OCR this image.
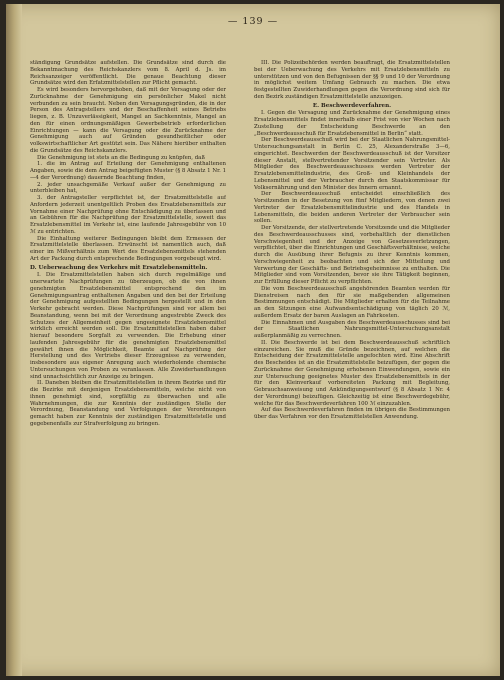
— 139 —

ständigung Grundsätze aufstellen. Die Grundsätze sind durch die Bekanntmachung des Reichskanzlers vom 8. April d. Js. im Reichsanzeiger veröffentlicht. Die genaue Beachtung dieser Grundsätze wird den Erfatzmittelstellen zur Pflicht gemacht.

Es wird besonders hervorgehoben, daß mit der Versagung oder der Zurücknahme der Genehmigung ein persönlicher Makel nicht verbunden zu sein braucht. Neben den Versagungsgründen, die in der Person des Antragstellers und der Beschaffenheit seines Betriebs liegen, z. B. Unzuverlässigkeit, Mangel an Sachkenntnis, Mangel an den für einen ordnungsmäßigen Gewerbebetrieb erforderlichen Einrichtungen — kann die Versagung oder die Zurücknahme der Genehmigung auch auf Gründen gesundheitlicher oder volkswirtschaftlicher Art gestützt sein. Das Nähere hierüber enthalten die Grundsätze des Reichskanzlers.

Die Genehmigung ist stets an die Bedingung zu knüpfen, daß

1. die im Antrag auf Erteilung der Genehmigung enthaltenen Angaben, sowie die dem Antrag beigefügten Muster (§ 8 Absatz 1 Nr. 1—4 der Verordnung) dauernde Beachtung finden,

2. jeder unsachgemäße Verkauf außer der Genehmigung zu unterbleiben hat,

3. der Antragsteller verpflichtet ist, der Ersatzmittelstelle auf Anfordern jederzeit unentgeltlich Proben des Ersatzlebensmittels zur Vornahme einer Nachprüfung ohne Entschädigung zu überlassen und an Gebühren für die Nachprüfung der Ersatzmittelstelle, soweit das Ersatzlebensmittel im Verkehr ist, eine laufende Jahresgebühr von 10 ℳ zu entrichten.

Die Einhaltung weiterer Bedingungen bleibt dem Ermessen der Ersatzmittelstelle überlassen. Erwünscht ist namentlich auch, daß einer im Mißverhältnis zum Wert des Ersatzlebensmittels stehenden Art der Packung durch entsprechende Bedingungen vorgebeugt wird.

D. Ueberwachung des Verkehrs mit Ersatzlebensmitteln.

I. Die Ersatzmittelstellen haben sich durch regelmäßige und unerwartete Nachprüfungen zu überzeugen, ob die von ihnen genehmigten Ersatzlebensmittel entsprechend den im Genehmigungsantrag enthaltenen Angaben und den bei der Erteilung der Genehmigung aufgestellten Bedingungen hergestellt und in den Verkehr gebracht werden. Diese Nachprüfungen sind vor allem bei Beanstandung, wenn bei mit der Verordnung angestrebte Zweck des Schutzes der Allgemeinheit gegen ungeeignete Ersatzlebensmittel wirklich erreicht werden soll. Die Ersatzmittelstellen haben daher hierauf besondere Sorgfalt zu verwenden. Die Erhebung einer laufenden Jahresgebühr für die genehmigten Ersatzlebensmittel gewährt ihnen die Möglichkeit, Beamte auf Nachprüfung der Herstellung und des Vertriebs dieser Erzeugnisse zu verwenden, insbesondere aus eigener Anregung auch wiederholende chemische Untersuchungen von Proben zu veranlassen. Alle Zuwiderhandlungen sind unnachsichtlich zur Anzeige zu bringen.

II. Daneben bleiben die Ersatzmittelstellen in ihrem Bezirke und für die Bezirke mit denjenigen Ersatzlebensmitteln, welche nicht von ihnen genehmigt sind, sorgfältig zu überwachen und alle Wahrnehmungen, die zur Kenntnis der zuständigen Stelle der Verordnung, Beanstandung und Verfolgungen der Verordnungen gemacht haben zur Kenntnis der zuständigen Ersatzmittelstelle und gegebenenfalls zur Strafverfolgung zu bringen.

III. Die Polizeibehörden werden beauftragt, die Ersatzmittelstellen bei der Ueberwachung des Verkehrs mit Ersatzlebensmitteln zu unterstützen und von den Befugnissen der §§ 9 und 10 der Verordnung in möglichst weitem Umfang Gebrauch zu machen. Die etwa festgestellten Zuwiderhandlungen gegen die Verordnung sind sich für den Bezirk zuständigen Ersatzmittelstelle anzuzeigen.

E. Beschwerdeverfahren.

I. Gegen die Versagung und Zurücknahme der Genehmigung eines Ersatzlebensmittels findet innerhalb einer Frist von vier Wochen nach Zustellung der Entscheidung Beschwerde an den „Beschwerdeausschuß für Ersatzlebensmittel in Berlin“ statt.

Der Beschwerdeausschuß wird bei der Staatlichen Nahrungsmittel-Untersuchungsanstalt in Berlin C. 25, Alexanderstraße 3—6, eingerichtet. Beschwerden der Beschwerdeausschuß ist der Vorsitzer dieser Anstalt, stellvertretender Vorsitzender sein Vertreter. Als Mitglieder des Beschwerdeausschusses werden Vertreter der Ersatzlebensmittelindustrie, des Groß- und Kleinhandels der Lebensmittel und der Verbraucher durch den Staatskommissar für Volksernährung und den Minister des Innern ernannt.

Der Beschwerdeausschuß entscheidet einschließlich des Vorsitzenden in der Besetzung von fünf Mitgliedern, von denen zwei Vertreter der Ersatzlebensmittelindustrie und des Handels in Lebensmitteln, die beiden anderen Vertreter der Verbraucher sein sollen.

Der Vorsitzende, der stellvertretende Vorsitzende und die Mitglieder des Beschwerdeausschusses sind, vorbehaltlich der dienstlichen Verschwiegenheit und der Anzeige von Gesetzesverletzungen, verpflichtet, über die Einrichtungen und Geschäftsverhältnisse, welche durch die Ausübung ihrer Befugnis zu ihrer Kenntnis kommen, Verschwiegenheit zu beobachten und sich der Mitteilung und Verwertung der Geschäfts- und Betriebsgeheimnisse zu enthalten. Die Mitglieder sind vom Vorsitzenden, bevor sie ihre Tätigkeit beginnen, zur Erfüllung dieser Pflicht zu verpflichten.

Die vom Beschwerdeausschuß angehörenden Beamten werden für Dienstreisen nach den für sie maßgebenden allgemeinen Bestimmungen entschädigt. Die Mitglieder erhalten für die Teilnahme an den Sitzungen eine Aufwandsentschädigung von täglich 20 ℳ, außerdem Ersatz der baren Auslagen an Fahrkosten.

Die Einnahmen und Ausgaben des Beschwerdeausschusses sind bei der Staatlichen Nahrungsmittel-Untersuchungsanstalt außerplanmäßig zu verrechnen.

II. Die Beschwerde ist bei dem Beschwerdeausschuß schriftlich einzureichen. Sie muß die Gründe bezeichnen, auf welchen die Entscheidung der Ersatzmittelstelle angefochten wird. Eine Abschrift des Bescheides ist an die Ersatzmittelstelle beizufügen, der gegen die Zurücknahme der Genehmigung erhobenen Einwendungen, sowie ein zur Untersuchung geeignetes Muster des Ersatzlebensmittels in der für den Kleinverkauf vorbereiteten Packung mit Begleitung, Gebrauchsanweisung und Ankündigungsentwurf (§ 8 Absatz 1 Nr. 4 der Verordnung) beizufügen. Gleichzeitig ist eine Beschwerdegebühr, welche für das Beschwerdeverfahren 100 ℳ einzuzahlen.

Auf das Beschwerdeverfahren finden im übrigen die Bestimmungen über das Verfahren vor den Ersatzmittelstellen Anwendung.
